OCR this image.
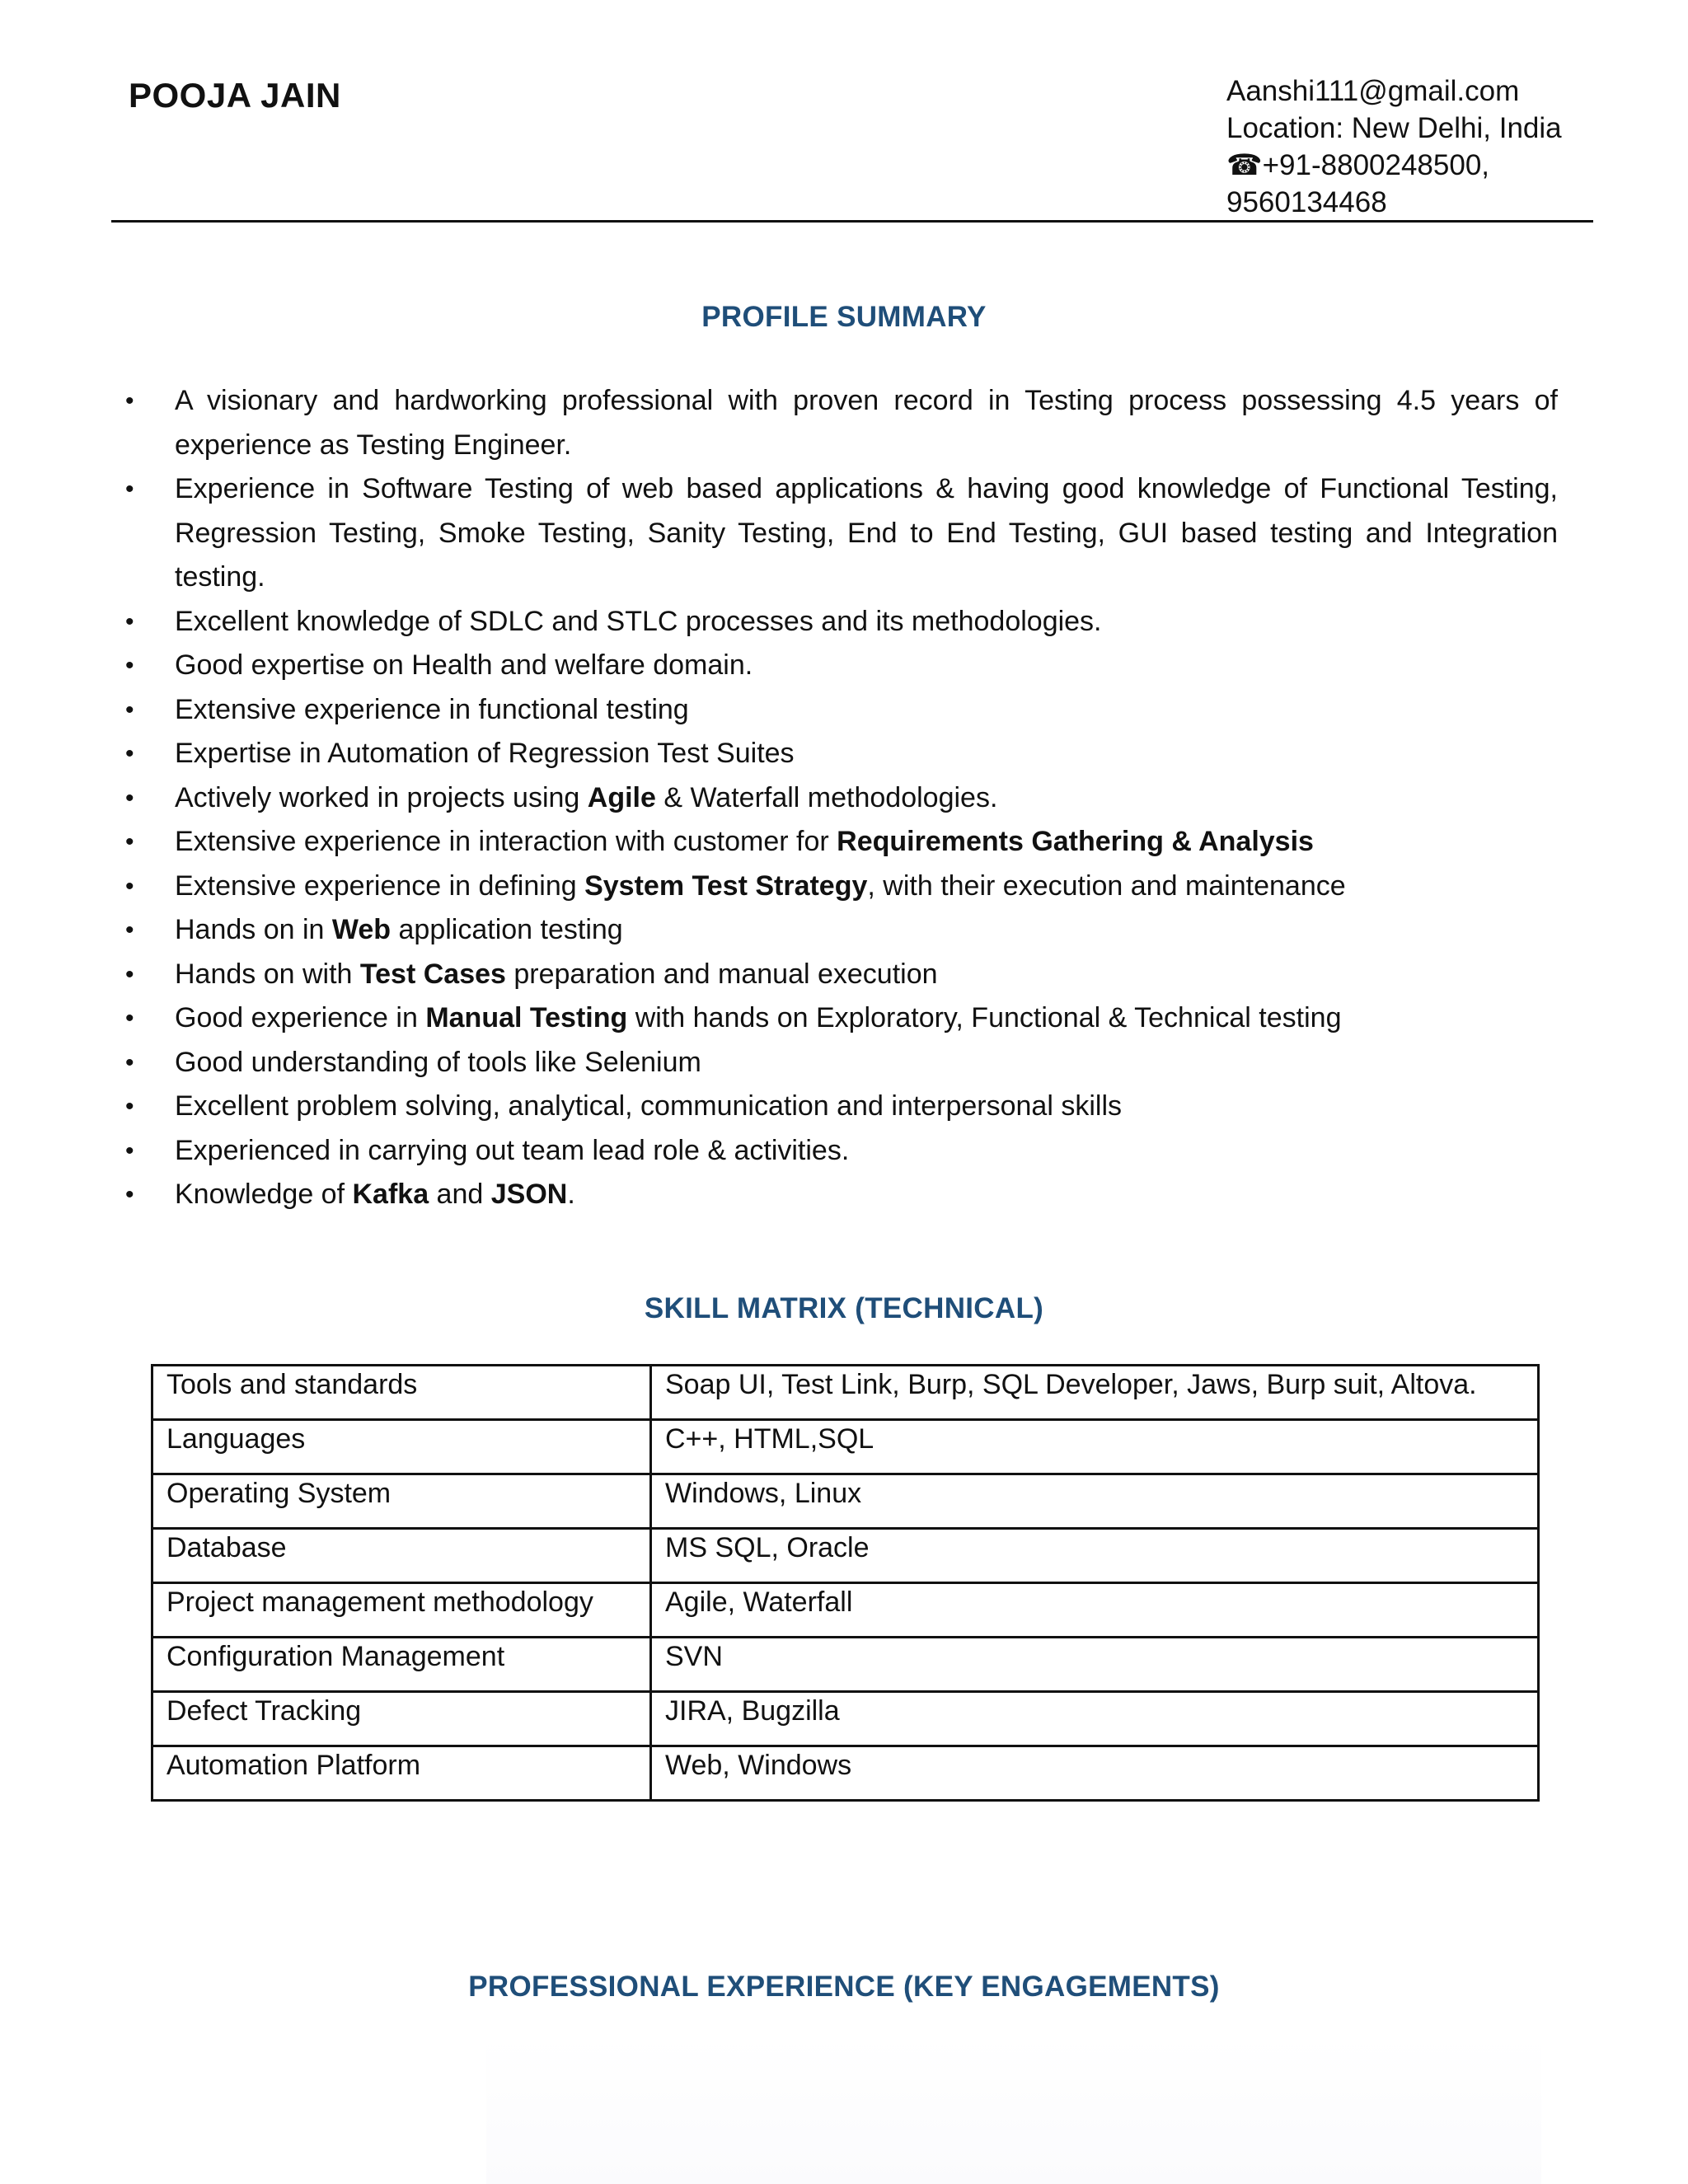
POOJA JAIN	Aanshi111@gmail.com
Location: New Delhi, India
☎+91-8800248500,
9560134468
PROFILE SUMMARY
• A visionary and hardworking professional with proven record in Testing process possessing 4.5 years of experience as Testing Engineer.
• Experience in Software Testing of web based applications & having good knowledge of Functional Testing, Regression Testing, Smoke Testing, Sanity Testing, End to End Testing, GUI based testing and Integration testing.
• Excellent knowledge of SDLC and STLC processes and its methodologies.
• Good expertise on Health and welfare domain.
• Extensive experience in functional testing
• Expertise in Automation of Regression Test Suites
• Actively worked in projects using Agile & Waterfall methodologies.
• Extensive experience in interaction with customer for Requirements Gathering & Analysis
• Extensive experience in defining System Test Strategy, with their execution and maintenance
• Hands on in Web application testing
• Hands on with Test Cases preparation and manual execution
• Good experience in Manual Testing with hands on Exploratory, Functional & Technical testing
• Good understanding of tools like Selenium
• Excellent problem solving, analytical, communication and interpersonal skills
• Experienced in carrying out team lead role & activities.
• Knowledge of Kafka and JSON.
SKILL MATRIX (TECHNICAL)
Tools and standards	Soap UI, Test Link, Burp, SQL Developer, Jaws, Burp suit, Altova.
Languages	C++, HTML,SQL
Operating System	Windows, Linux
Database	MS SQL, Oracle
Project management methodology	Agile, Waterfall
Configuration Management	SVN
Defect Tracking	JIRA, Bugzilla
Automation Platform	Web, Windows
PROFESSIONAL EXPERIENCE (KEY ENGAGEMENTS)
